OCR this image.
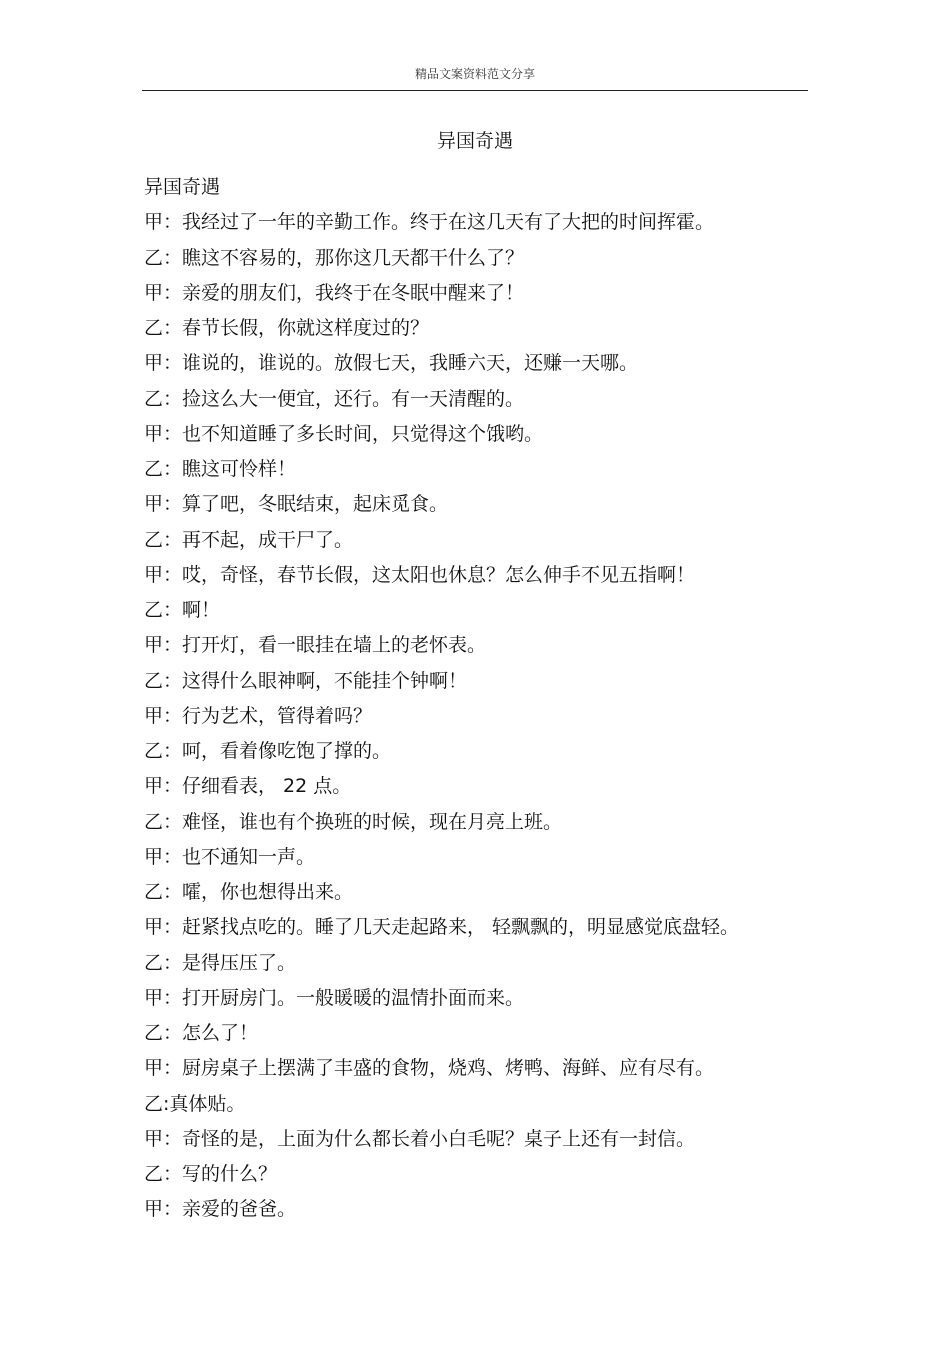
精品文案资料范文分享
异国奇遇
异国奇遇
甲：我经过了一年的辛勤工作。终于在这几天有了大把的时间挥霍。
乙：瞧这不容易的，那你这几天都干什么了？
甲：亲爱的朋友们，我终于在冬眠中醒来了！
乙：春节长假，你就这样度过的？
甲：谁说的，谁说的。放假七天，我睡六天，还赚一天哪。
乙：捡这么大一便宜，还行。有一天清醒的。
甲：也不知道睡了多长时间，只觉得这个饿哟。
乙：瞧这可怜样！
甲：算了吧，冬眠结束，起床觅食。
乙：再不起，成干尸了。
甲：哎，奇怪，春节长假，这太阳也休息？怎么伸手不见五指啊！
乙：啊！
甲：打开灯，看一眼挂在墙上的老怀表。
乙：这得什么眼神啊，不能挂个钟啊！
甲：行为艺术，管得着吗？
乙：呵，看着像吃饱了撑的。
甲：仔细看表， 22 点。
乙：难怪，谁也有个换班的时候，现在月亮上班。
甲：也不通知一声。
乙：嚯，你也想得出来。
甲：赶紧找点吃的。睡了几天走起路来， 轻飘飘的，明显感觉底盘轻。
乙：是得压压了。
甲：打开厨房门。一般暖暖的温情扑面而来。
乙：怎么了！
甲：厨房桌子上摆满了丰盛的食物，烧鸡、烤鸭、海鲜、应有尽有。
乙:真体贴。
甲：奇怪的是，上面为什么都长着小白毛呢？桌子上还有一封信。
乙：写的什么？
甲：亲爱的爸爸。
